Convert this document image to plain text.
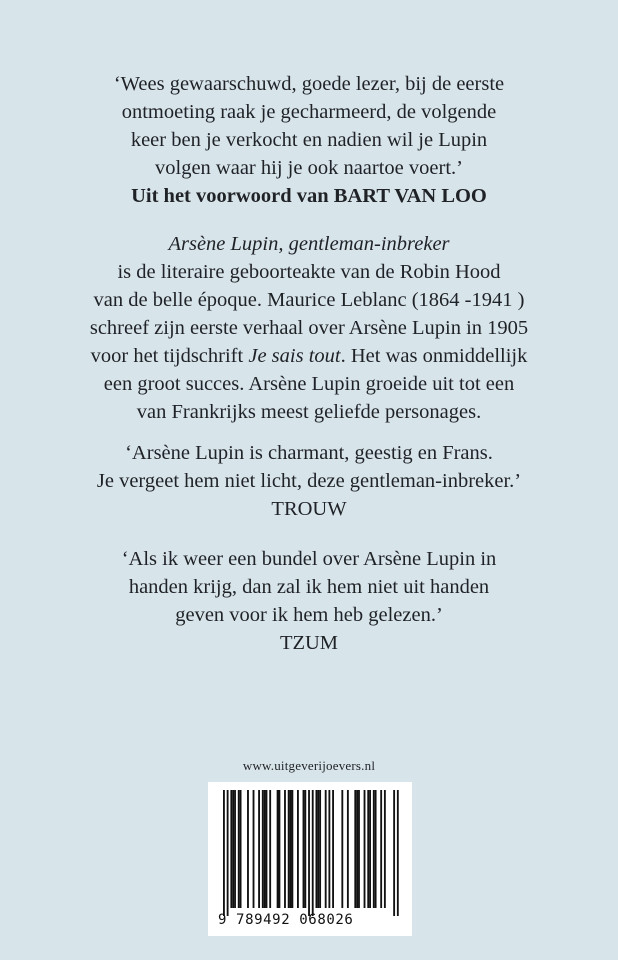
‘Wees gewaarschuwd, goede lezer, bij de eerste
ontmoeting raak je gecharmeerd, de volgende
keer ben je verkocht en nadien wil je Lupin
volgen waar hij je ook naartoe voert.’
Uit het voorwoord van BART VAN LOO
Arsène Lupin, gentleman-inbreker
is de literaire geboorteakte van de Robin Hood
van de belle époque. Maurice Leblanc (1864 -1941 )
schreef zijn eerste verhaal over Arsène Lupin in 1905
voor het tijdschrift Je sais tout. Het was onmiddellijk
een groot succes. Arsène Lupin groeide uit tot een
van Frankrijks meest geliefde personages.
‘Arsène Lupin is charmant, geestig en Frans.
Je vergeet hem niet licht, deze gentleman-inbreker.’
TROUW
‘Als ik weer een bundel over Arsène Lupin in
handen krijg, dan zal ik hem niet uit handen
geven voor ik hem heb gelezen.’
TZUM
www.uitgeverijoevers.nl
9 789492 068026
